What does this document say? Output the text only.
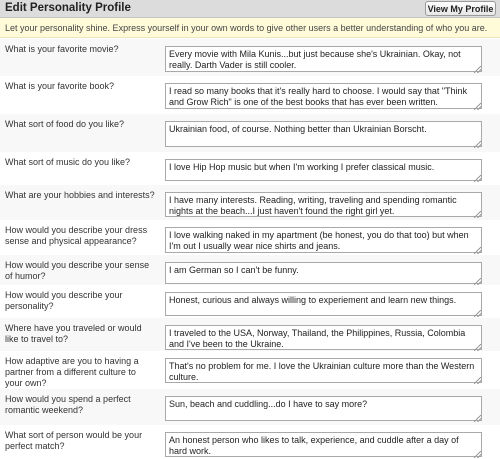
Edit Personality Profile	View My Profile
Let your personality shine. Express yourself in your own words to give other users a better understanding of who you are.
What is your favorite movie?
Every movie with Mila Kunis...but just because she's Ukrainian. Okay, not really. Darth Vader is still cooler.
What is your favorite book?
I read so many books that it's really hard to choose. I would say that "Think and Grow Rich" is one of the best books that has ever been written.
What sort of food do you like?
Ukrainian food, of course. Nothing better than Ukrainian Borscht.
What sort of music do you like?
I love Hip Hop music but when I'm working I prefer classical music.
What are your hobbies and interests?
I have many interests. Reading, writing, traveling and spending romantic nights at the beach...I just haven't found the right girl yet.
How would you describe your dress sense and physical appearance?
I love walking naked in my apartment (be honest, you do that too) but when I'm out I usually wear nice shirts and jeans.
How would you describe your sense of humor?
I am German so I can't be funny.
How would you describe your personality?
Honest, curious and always willing to experiement and learn new things.
Where have you traveled or would like to travel to?
I traveled to the USA, Norway, Thailand, the Philippines, Russia, Colombia and I've been to the Ukraine.
How adaptive are you to having a partner from a different culture to your own?
That's no problem for me. I love the Ukrainian culture more than the Western culture.
How would you spend a perfect romantic weekend?
Sun, beach and cuddling...do I have to say more?
What sort of person would be your perfect match?
An honest person who likes to talk, experience, and cuddle after a day of hard work.
